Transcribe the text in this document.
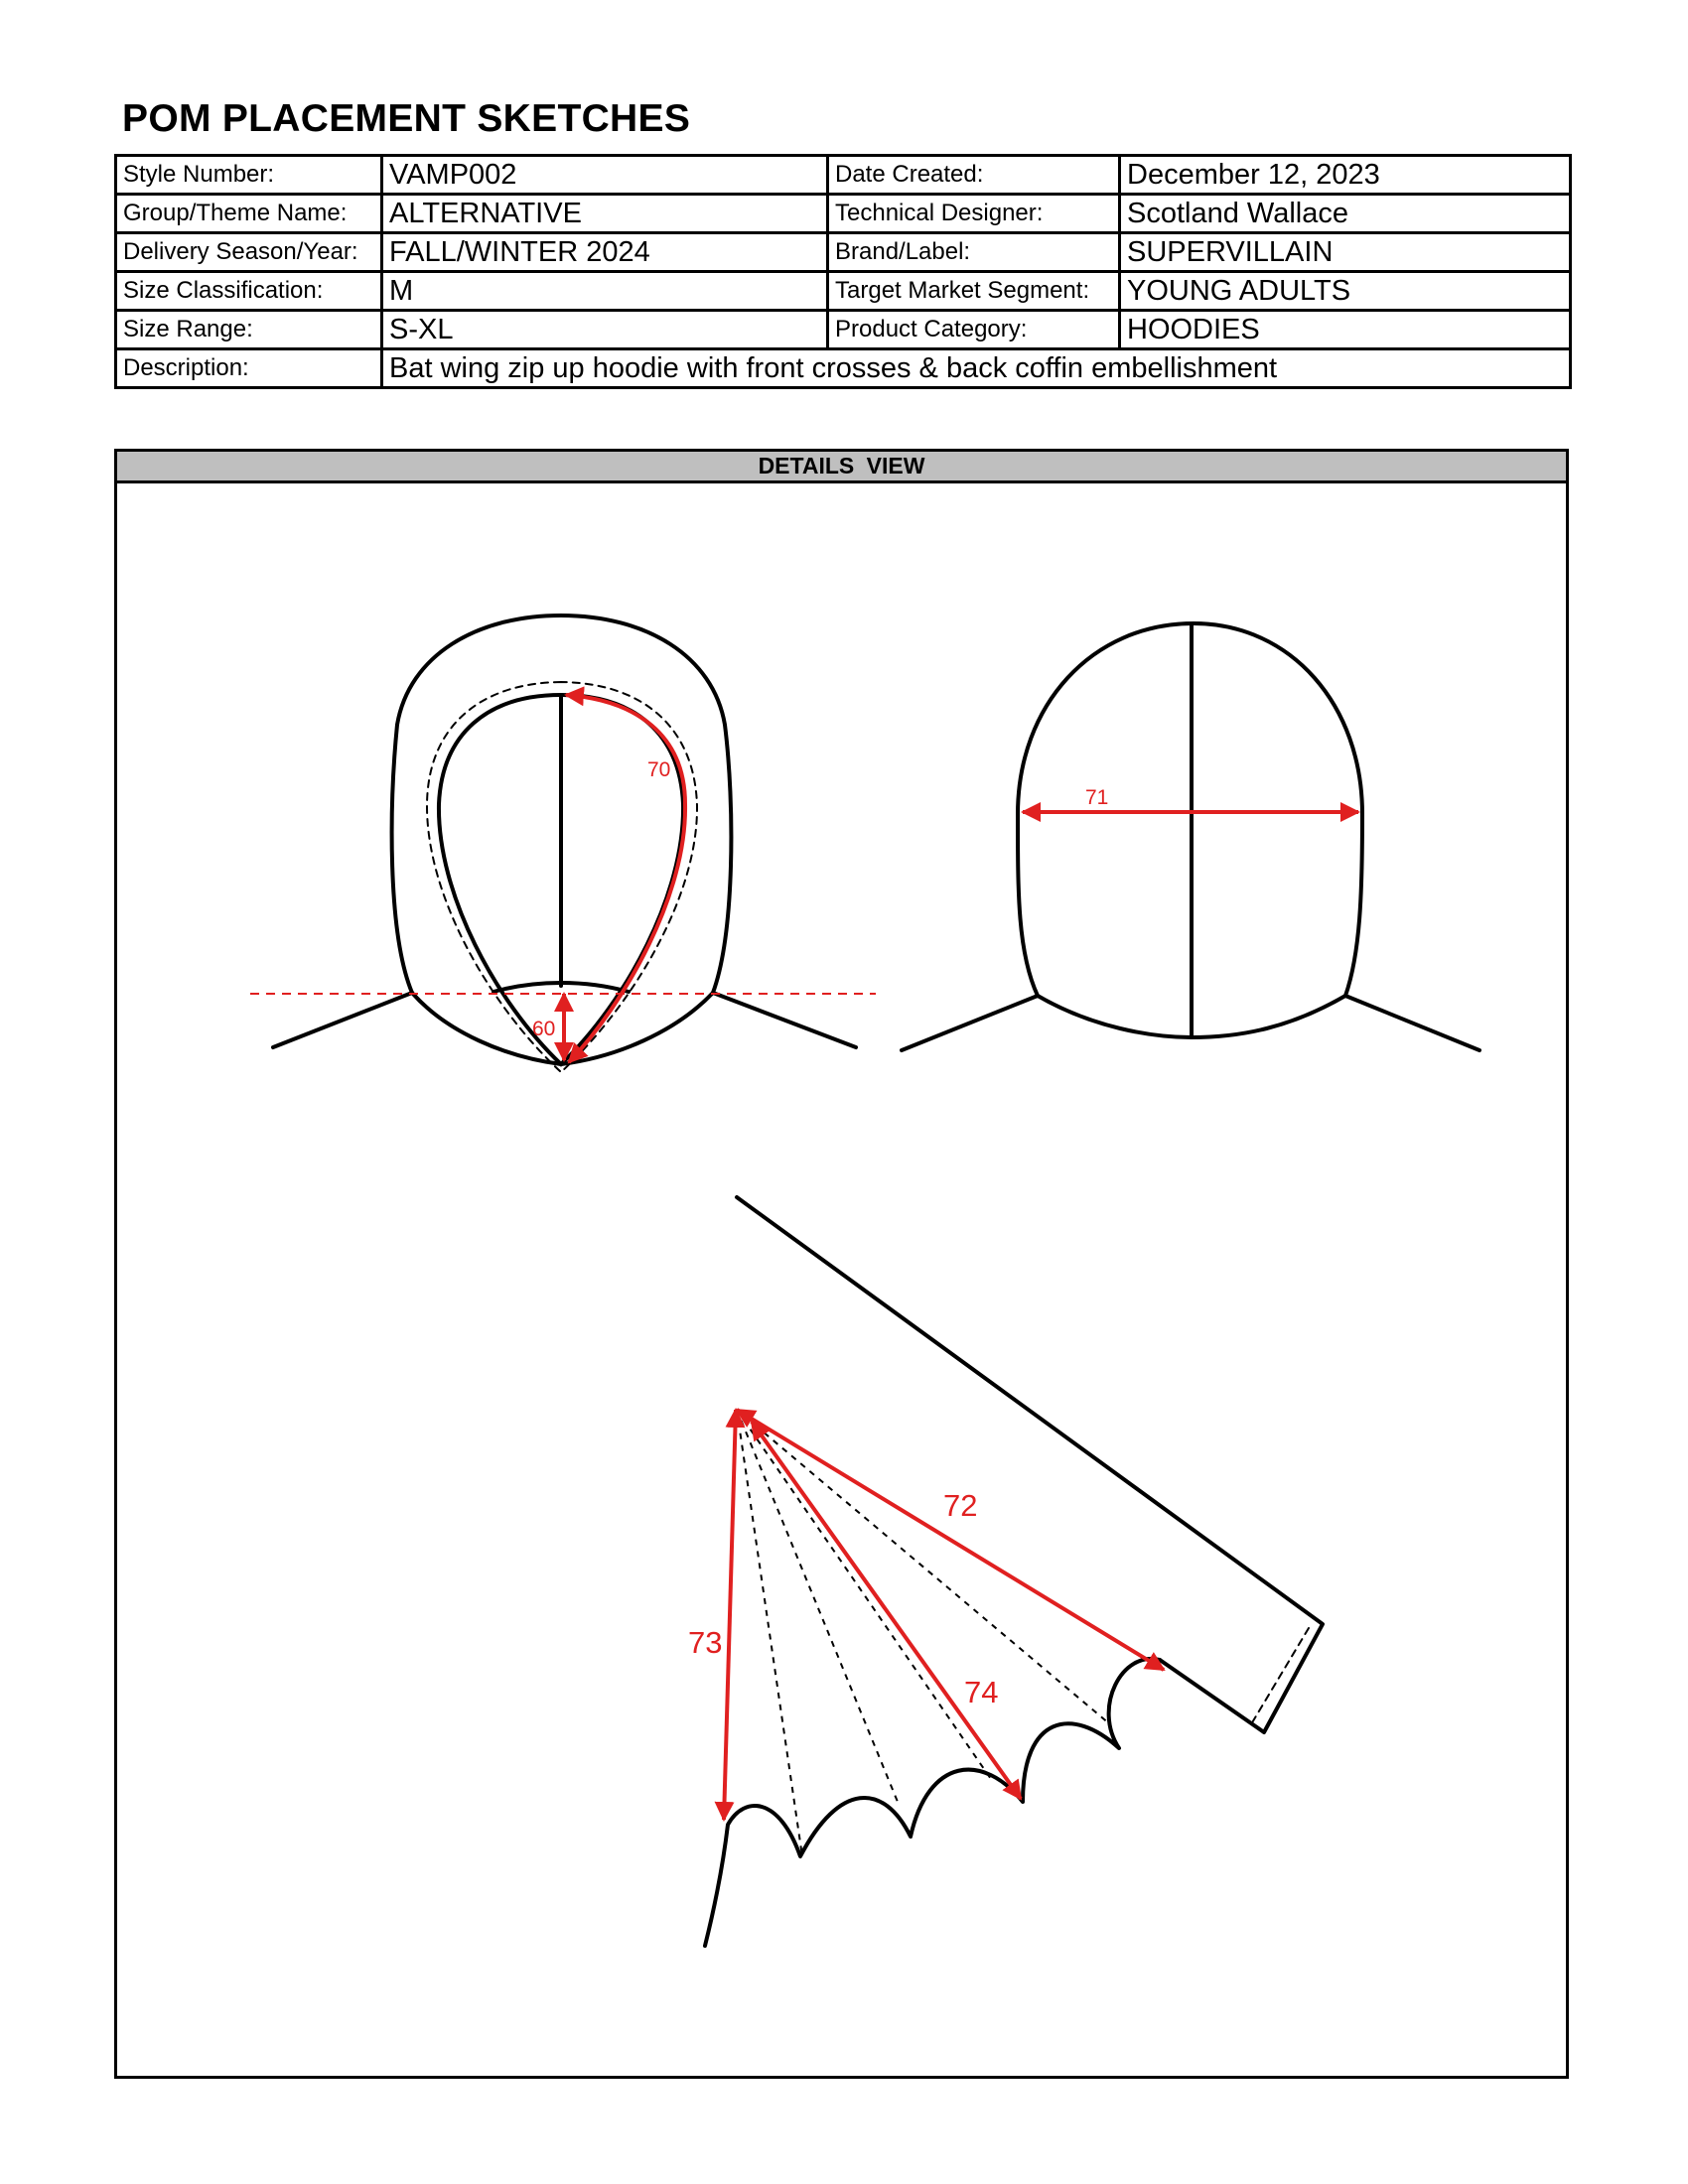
POM PLACEMENT SKETCHES
Style Number:	VAMP002	Date Created:	December 12, 2023
Group/Theme Name:	ALTERNATIVE	Technical Designer:	Scotland Wallace
Delivery Season/Year:	FALL/WINTER 2024	Brand/Label:	SUPERVILLAIN
Size Classification:	M	Target Market Segment:	YOUNG ADULTS
Size Range:	S-XL	Product Category:	HOODIES
Description:	Bat wing zip up hoodie with front crosses & back coffin embellishment		
DETAILS VIEW
70
60
71
72
73
74
